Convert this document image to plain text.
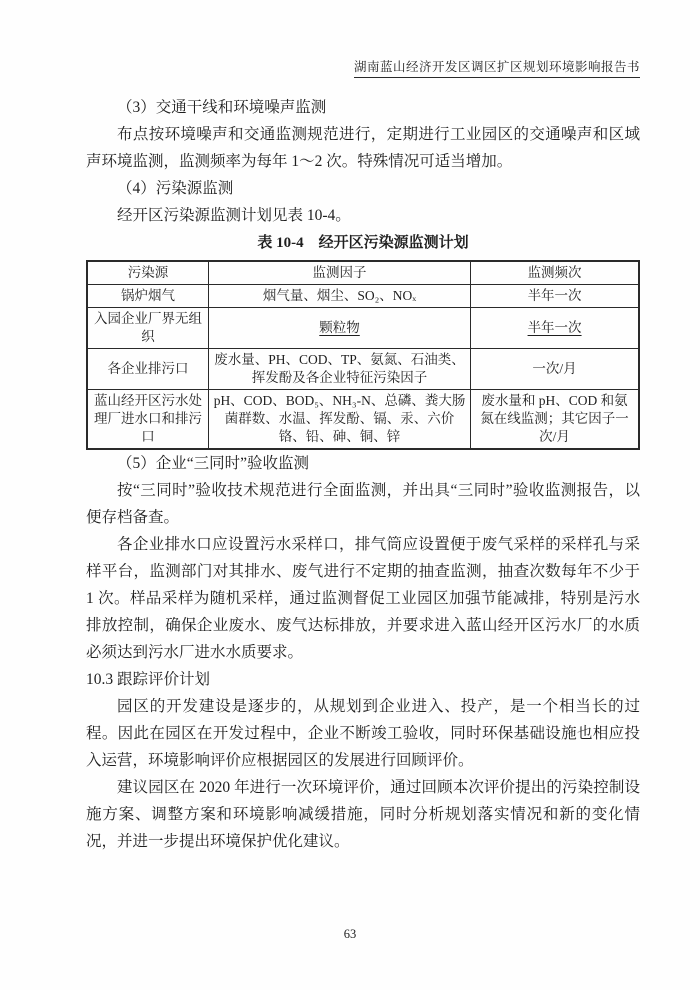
湖南蓝山经济开发区调区扩区规划环境影响报告书

（3）交通干线和环境噪声监测

布点按环境噪声和交通监测规范进行，定期进行工业园区的交通噪声和区域声环境监测，监测频率为每年 1～2 次。特殊情况可适当增加。

（4）污染源监测

经开区污染源监测计划见表 10-4。

表 10-4　经开区污染源监测计划

污染源	监测因子	监测频次
锅炉烟气	烟气量、烟尘、SO₂、NOₓ	半年一次
入园企业厂界无组织	颗粒物	半年一次
各企业排污口	废水量、PH、COD、TP、氨氮、石油类、挥发酚及各企业特征污染因子	一次/月
蓝山经开区污水处理厂进水口和排污口	pH、COD、BOD₅、NH₃-N、总磷、粪大肠菌群数、水温、挥发酚、镉、汞、六价铬、铅、砷、铜、锌	废水量和 pH、COD 和氨氮在线监测；其它因子一次/月

（5）企业“三同时”验收监测

按“三同时”验收技术规范进行全面监测，并出具“三同时”验收监测报告，以便存档备查。

各企业排水口应设置污水采样口，排气筒应设置便于废气采样的采样孔与采样平台，监测部门对其排水、废气进行不定期的抽查监测，抽查次数每年不少于 1 次。样品采样为随机采样，通过监测督促工业园区加强节能减排，特别是污水排放控制，确保企业废水、废气达标排放，并要求进入蓝山经开区污水厂的水质必须达到污水厂进水水质要求。

10.3 跟踪评价计划

园区的开发建设是逐步的，从规划到企业进入、投产，是一个相当长的过程。因此在园区在开发过程中，企业不断竣工验收，同时环保基础设施也相应投入运营，环境影响评价应根据园区的发展进行回顾评价。

建议园区在 2020 年进行一次环境评价，通过回顾本次评价提出的污染控制设施方案、调整方案和环境影响减缓措施，同时分析规划落实情况和新的变化情况，并进一步提出环境保护优化建议。

63
